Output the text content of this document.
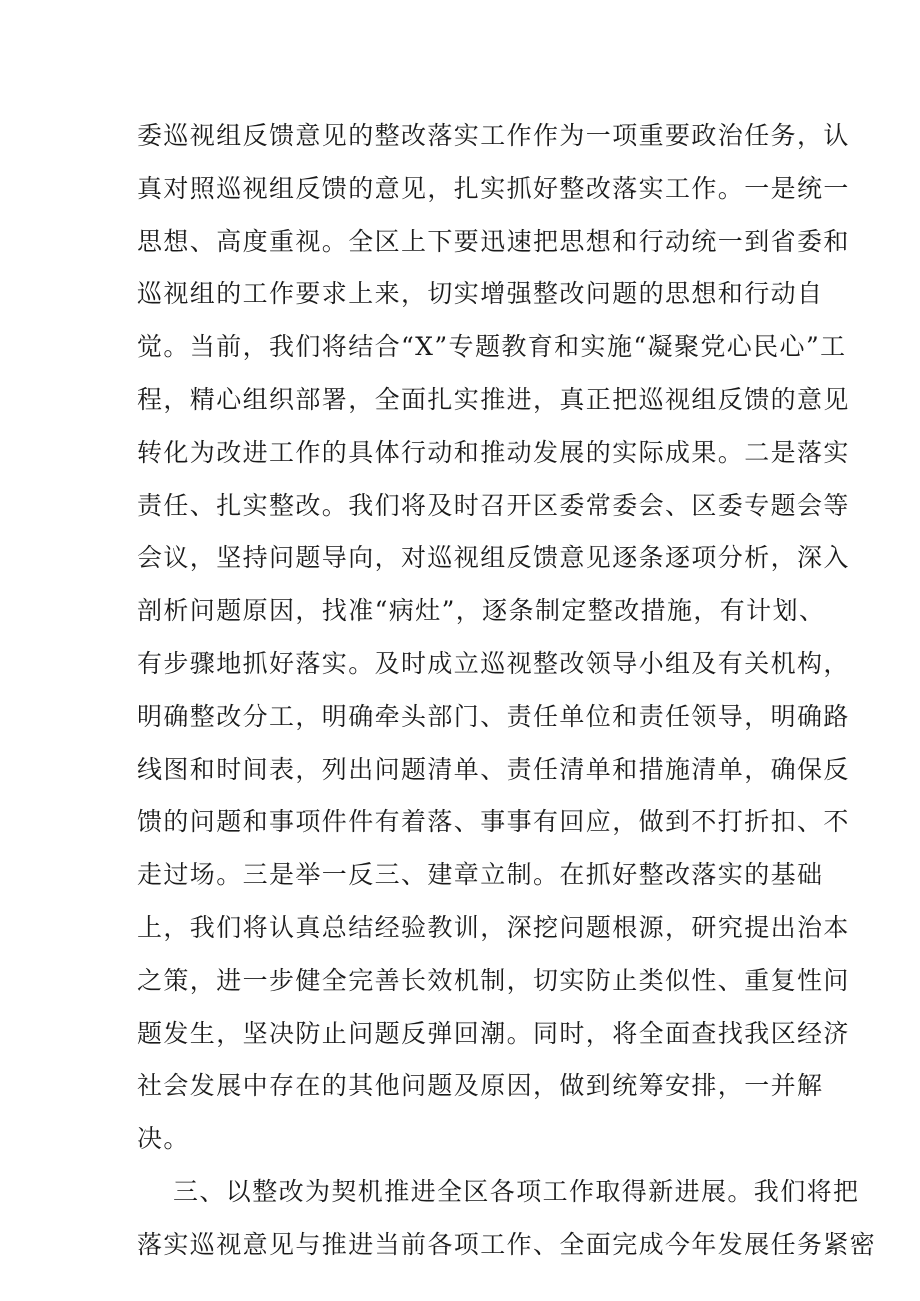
委巡视组反馈意见的整改落实工作作为一项重要政治任务，认
真对照巡视组反馈的意见，扎实抓好整改落实工作。一是统一
思想、高度重视。全区上下要迅速把思想和行动统一到省委和
巡视组的工作要求上来，切实增强整改问题的思想和行动自
觉。当前，我们将结合“X”专题教育和实施“凝聚党心民心”工
程，精心组织部署，全面扎实推进，真正把巡视组反馈的意见
转化为改进工作的具体行动和推动发展的实际成果。二是落实
责任、扎实整改。我们将及时召开区委常委会、区委专题会等
会议，坚持问题导向，对巡视组反馈意见逐条逐项分析，深入
剖析问题原因，找准“病灶”，逐条制定整改措施，有计划、
有步骤地抓好落实。及时成立巡视整改领导小组及有关机构，
明确整改分工，明确牵头部门、责任单位和责任领导，明确路
线图和时间表，列出问题清单、责任清单和措施清单，确保反
馈的问题和事项件件有着落、事事有回应，做到不打折扣、不
走过场。三是举一反三、建章立制。在抓好整改落实的基础
上，我们将认真总结经验教训，深挖问题根源，研究提出治本
之策，进一步健全完善长效机制，切实防止类似性、重复性问
题发生，坚决防止问题反弹回潮。同时，将全面查找我区经济
社会发展中存在的其他问题及原因，做到统筹安排，一并解
决。
三、以整改为契机推进全区各项工作取得新进展。我们将把
落实巡视意见与推进当前各项工作、全面完成今年发展任务紧密
